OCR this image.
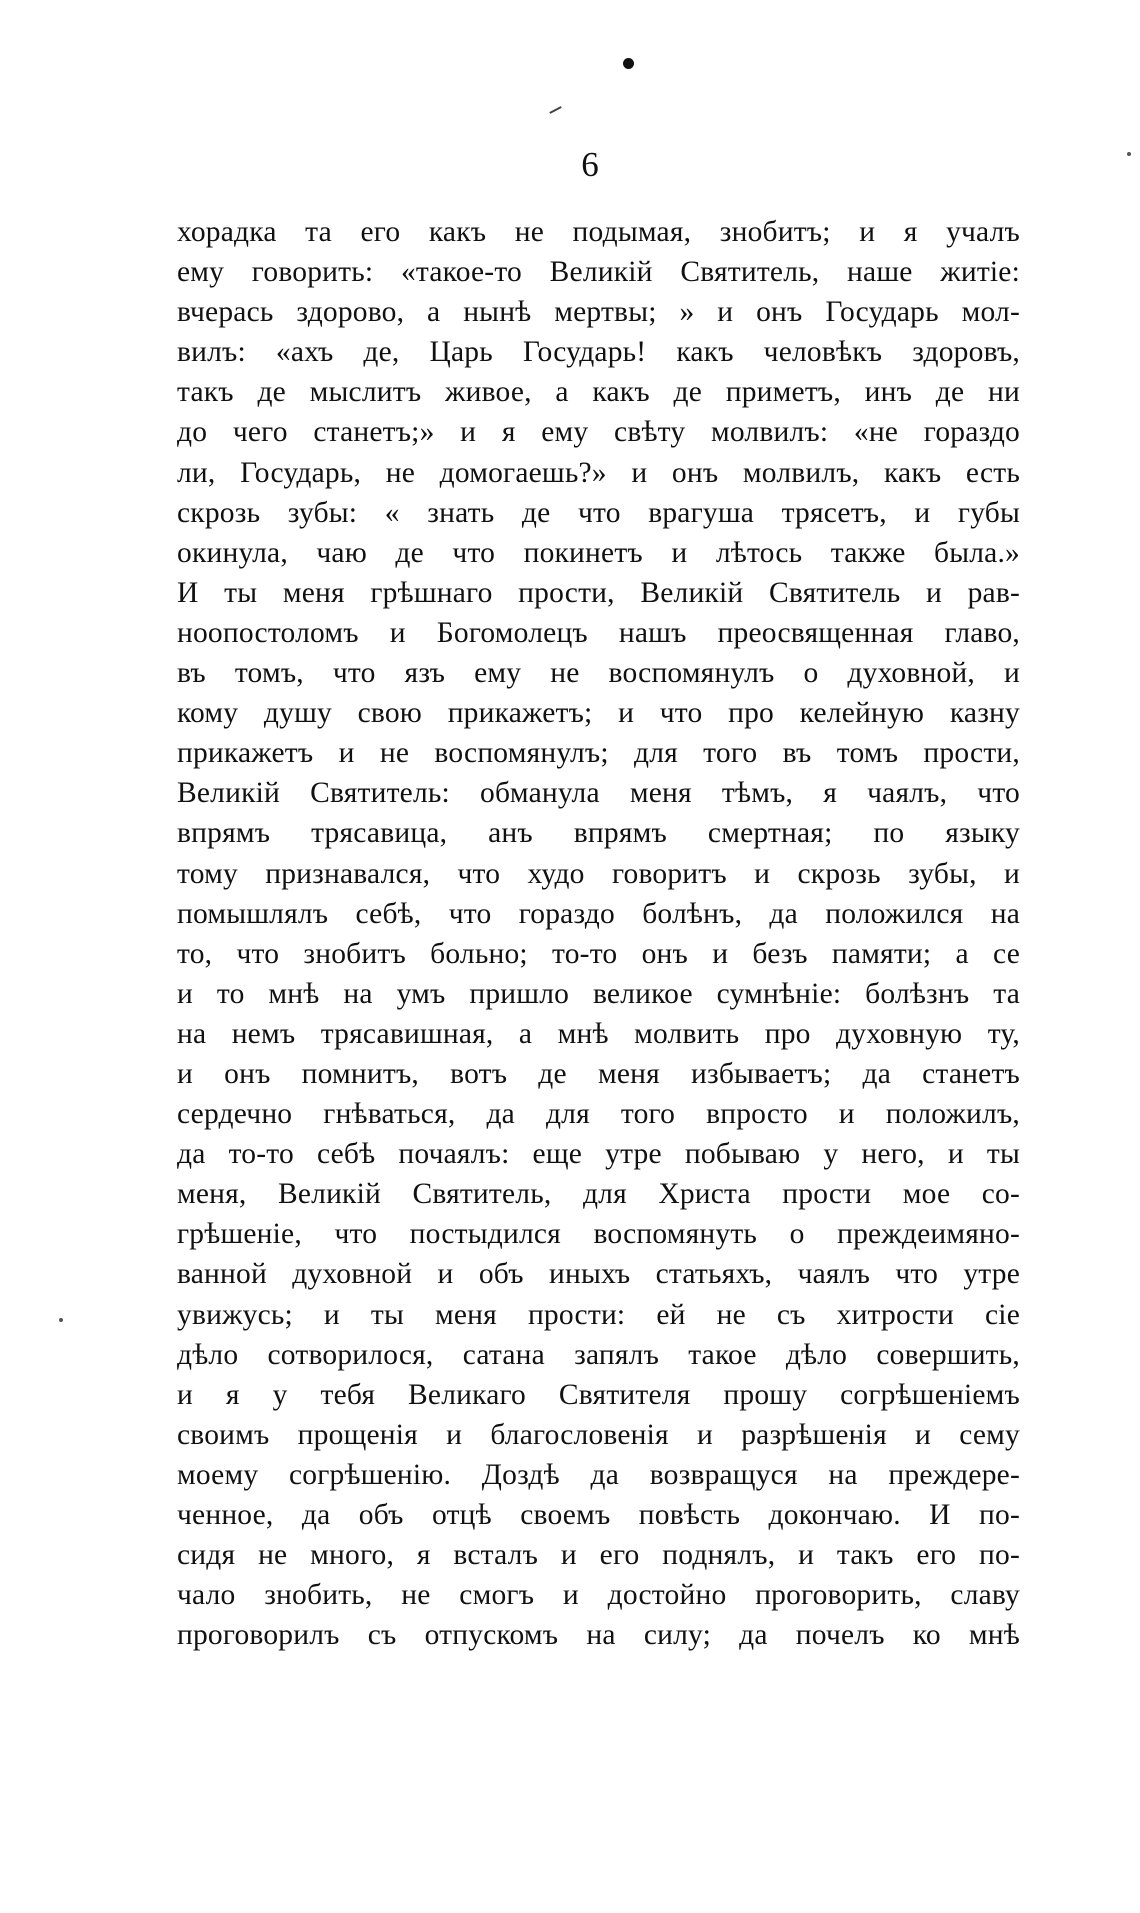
6
хорадка та его какъ не подымая, знобитъ; и я учалъ
ему говорить: «такое-то Великій Святитель, наше житіе:
вчерась здорово, а нынѣ мертвы; » и онъ Государь мол-
вилъ: «ахъ де, Царь Государь! какъ человѣкъ здоровъ,
такъ де мыслитъ живое, а какъ де приметъ, инъ де ни
до чего станетъ;» и я ему свѣту молвилъ: «не гораздо
ли, Государь, не домогаешь?» и онъ молвилъ, какъ есть
скрозь зубы: « знать де что врагуша трясетъ, и губы
окинула, чаю де что покинетъ и лѣтось также была.»
И ты меня грѣшнаго прости, Великій Святитель и рав-
ноопостоломъ и Богомолецъ нашъ преосвященная главо,
въ томъ, что язъ ему не воспомянулъ о духовной, и
кому душу свою прикажетъ; и что про келейную казну
прикажетъ и не воспомянулъ; для того въ томъ прости,
Великій Святитель: обманула меня тѣмъ, я чаялъ, что
впрямъ трясавица, анъ впрямъ смертная; по языку
тому признавался, что худо говоритъ и скрозь зубы, и
помышлялъ себѣ, что гораздо болѣнъ, да положился на
то, что знобитъ больно; то-то онъ и безъ памяти; а се
и то мнѣ на умъ пришло великое сумнѣніе: болѣзнъ та
на немъ трясавишная, а мнѣ молвить про духовную ту,
и онъ помнитъ, вотъ де меня избываетъ; да станетъ
сердечно гнѣваться, да для того впросто и положилъ,
да то-то себѣ почаялъ: еще утре побываю у него, и ты
меня, Великій Святитель, для Христа прости мое со-
грѣшеніе, что постыдился воспомянуть о преждеимяно-
ванной духовной и объ иныхъ статьяхъ, чаялъ что утре
увижусь; и ты меня прости: ей не съ хитрости сіе
дѣло сотворилося, сатана запялъ такое дѣло совершить,
и я у тебя Великаго Святителя прошу согрѣшеніемъ
своимъ прощенія и благословенія и разрѣшенія и сему
моему согрѣшенію. Доздѣ да возвращуся на преждере-
ченное, да объ отцѣ своемъ повѣсть докончаю. И по-
сидя не много, я всталъ и его поднялъ, и такъ его по-
чало знобить, не смогъ и достойно проговорить, славу
проговорилъ съ отпускомъ на силу; да почелъ ко мнѣ
